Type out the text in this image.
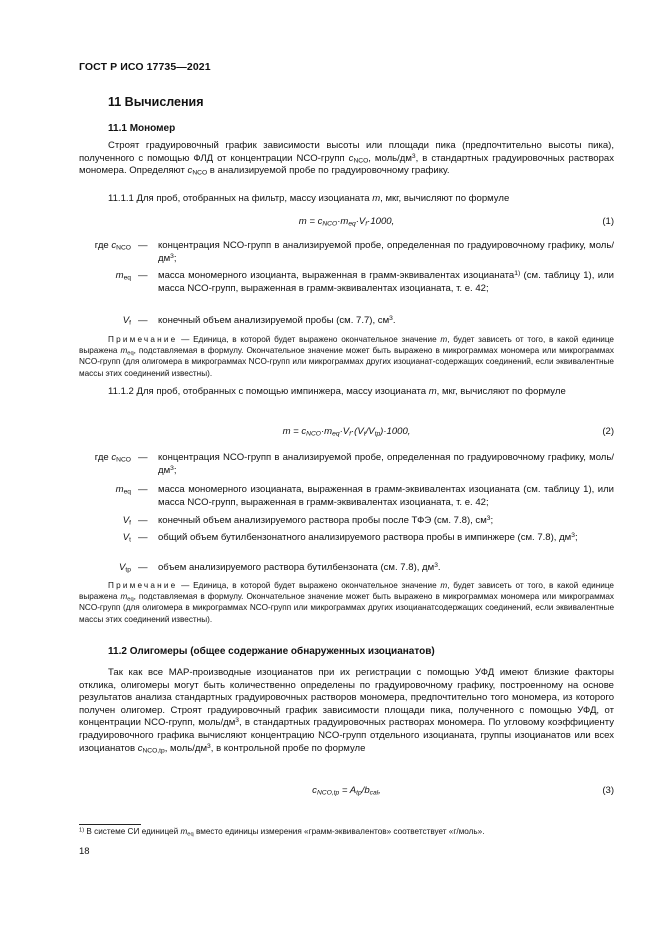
ГОСТ Р ИСО 17735—2021
11 Вычисления
11.1 Мономер
Строят градуировочный график зависимости высоты или площади пика (предпочтительно высоты пика), полученного с помощью ФЛД от концентрации NCO-групп $c_{NCO}$, моль/$дм^3$, в стандартных градуировочных растворах мономера. Определяют $c_{NCO}$ в анализируемой пробе по градуировочному графику.
11.1.1 Для проб, отобранных на фильтр, массу изоцианата m, мкг, вычисляют по формуле
$m = c_{NCO}\cdot m_{eq}\cdot V_f\cdot 1000$,	(1)
где $c_{NCO}$ — концентрация NCO-групп в анализируемой пробе, определенная по градуировочному графику, моль/$дм^3$;
$m_{eq}$ — масса мономерного изоцианта, выраженная в грамм-эквивалентах изоцианата$^{1)}$ (см. таблицу 1), или масса NCO-групп, выраженная в грамм-эквивалентах изоцианата, т. е. 42;
$V_f$ — конечный объем анализируемой пробы (см. 7.7), $см^3$.
Примечание — Единица, в которой будет выражено окончательное значение m, будет зависеть от того, в какой единице выражена $m_{eq}$, подставляемая в формулу. Окончательное значение может быть выражено в микрограммах мономера или микрограммах NCO-групп (для олигомера в микрограммах NCO-групп или микрограммах других изоцианат-содержащих соединений, если эквивалентные массы этих соединений известны).
11.1.2 Для проб, отобранных с помощью импинжера, массу изоцианата m, мкг, вычисляют по формуле
$m = c_{NCO}\cdot m_{eq}\cdot V_f\cdot(V_t/V_{tp})\cdot 1000$,	(2)
где $c_{NCO}$ — концентрация NCO-групп в анализируемой пробе, определенная по градуировочному графику, моль/$дм^3$;
$m_{eq}$ — масса мономерного изоцианата, выраженная в грамм-эквивалентах изоцианата (см. таблицу 1), или масса NCO-групп, выраженная в грамм-эквивалентах изоцианата, т. е. 42;
$V_f$ — конечный объем анализируемого раствора пробы после ТФЭ (см. 7.8), $см^3$;
$V_t$ — общий объем бутилбензонатного анализируемого раствора пробы в импинжере (см. 7.8), $дм^3$;
$V_{tp}$ — объем анализируемого раствора бутилбензоната (см. 7.8), $дм^3$.
Примечание — Единица, в которой будет выражено окончательное значение m, будет зависеть от того, в какой единице выражена $m_{eq}$, подставляемая в формулу. Окончательное значение может быть выражено в микрограммах мономера или микрограммах NCO-групп (для олигомера в микрограммах NCO-групп или микрограммах других изоцианатсодержащих соединений, если эквивалентные массы этих соединений известны).
11.2 Олигомеры (общее содержание обнаруженных изоцианатов)
Так как все МАР-производные изоцианатов при их регистрации с помощью УФД имеют близкие факторы отклика, олигомеры могут быть количественно определены по градуировочному графику, построенному на основе результатов анализа стандартных градуировочных растворов мономера, предпочтительно того мономера, из которого получен олигомер. Строят градуировочный график зависимости площади пика, полученного с помощью УФД, от концентрации NCO-групп, моль/$дм^3$, в стандартных градуировочных растворах мономера. По угловому коэффициенту градуировочного графика вычисляют концентрацию NCO-групп отдельного изоцианата, группы изоцианатов или всех изоцианатов $c_{NCO,tp}$, моль/$дм^3$, в контрольной пробе по формуле
$c_{NCO,tp} = A_{tp}/b_{cal}$,	(3)
$^{1)}$ В системе СИ единицей $m_{eq}$ вместо единицы измерения «грамм-эквивалентов» соответствует «г/моль».
18
